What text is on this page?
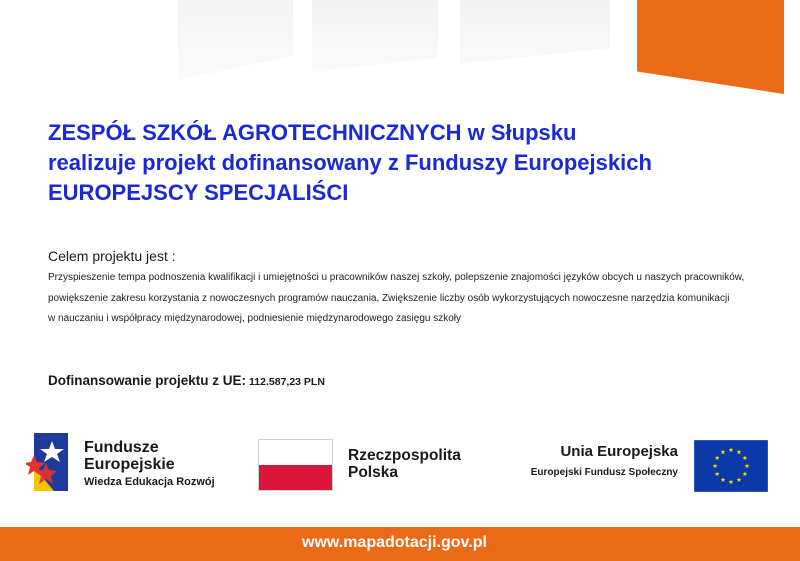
ZESPÓŁ SZKÓŁ AGROTECHNICZNYCH w Słupsku
realizuje projekt dofinansowany z Funduszy Europejskich
EUROPEJSCY SPECJALIŚCI
Celem projektu jest :
Przyspieszenie tempa podnoszenia kwalifikacji i umiejętności u pracowników naszej szkoły, polepszenie znajomości języków obcych u naszych pracowników,
powiększenie zakresu korzystania z nowoczesnych programów nauczania, Zwiększenie liczby osób wykorzystujących nowoczesne narzędzia komunikacji
w nauczaniu i współpracy międzynarodowej, podniesienie międzynarodowego zasięgu szkoły
Dofinansowanie projektu z UE: 112.587,23 PLN
Fundusze
Europejskie
Wiedza Edukacja Rozwój
Rzeczpospolita
Polska
Unia Europejska
Europejski Fundusz Społeczny
www.mapadotacji.gov.pl
